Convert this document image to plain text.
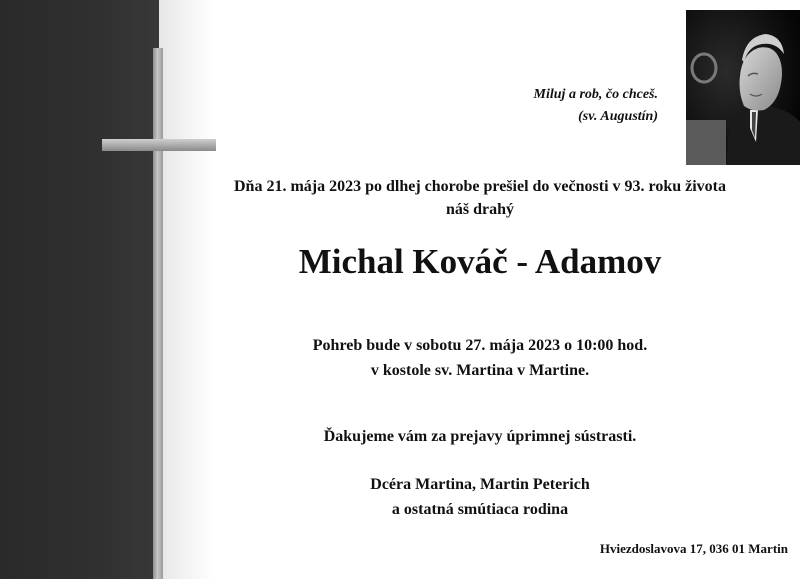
Miluj a rob, čo chceš.
(sv. Augustín)
Dňa 21. mája 2023 po dlhej chorobe prešiel do večnosti v 93. roku života
náš drahý
Michal Kováč - Adamov
Pohreb bude v sobotu 27. mája 2023 o 10:00 hod.
v kostole sv. Martina v Martine.
Ďakujeme vám za prejavy úprimnej sústrasti.
Dcéra Martina, Martin Peterich
a ostatná smútiaca rodina
Hviezdoslavova 17, 036 01 Martin
